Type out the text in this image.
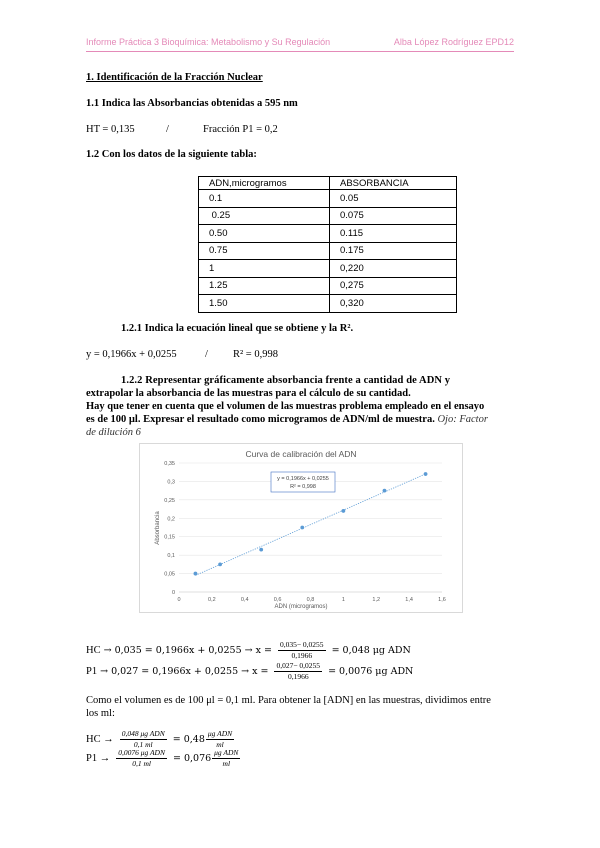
Informe Práctica 3 Bioquímica: Metabolismo y Su Regulación	Alba López Rodríguez EPD12
1. Identificación de la Fracción Nuclear
1.1 Indica las Absorbancias obtenidas a 595 nm
HT = 0,135	/	Fracción P1 = 0,2
1.2 Con los datos de la siguiente tabla:
ADN,microgramos	ABSORBANCIA
0.1	0.05
0.25	0.075
0.50	0.115
0.75	0.175
1	0,220
1.25	0,275
1.50	0,320
1.2.1 Indica la ecuación lineal que se obtiene y la R².
y = 0,1966x + 0,0255	/ R² = 0,998
1.2.2 Representar gráficamente absorbancia frente a cantidad de ADN y
extrapolar la absorbancia de las muestras para el cálculo de su cantidad.
Hay que tener en cuenta que el volumen de las muestras problema empleado en el ensayo
es de 100 µl. Expresar el resultado como microgramos de ADN/ml de muestra. Ojo: Factor
de dilución 6
Curva de calibración del ADN
0
0,05
0,1
0,15
0,2
0,25
0,3
0,35
0	0,2	0,4	0,6	0,8	1	1,2	1,4	1,6
Absorbancia
ADN (microgramos)
y = 0,1966x + 0,0255
R² = 0,998
HC → $0,035 = 0,1966x + 0,0255 \to x = \frac{0,035- 0,0255}{0,1966} = 0,048$ μg ADN
$P1 \to 0,027 = 0,1966x + 0,0255 \to x = \frac{0,027- 0,0255}{0,1966} = 0,0076$ μg ADN
Como el volumen es de 100 μl = 0,1 ml. Para obtener la [ADN] en las muestras, dividimos entre
los ml:
HC → $\frac{\text{0,048 μg ADN}}{0,1 ml} = 0,48 \frac{\text{μg ADN}}{ml}$
$P1 \to \frac{\text{0,0076 μg ADN}}{0,1 ml} = 0,076 \frac{\text{μg ADN}}{ml}$
